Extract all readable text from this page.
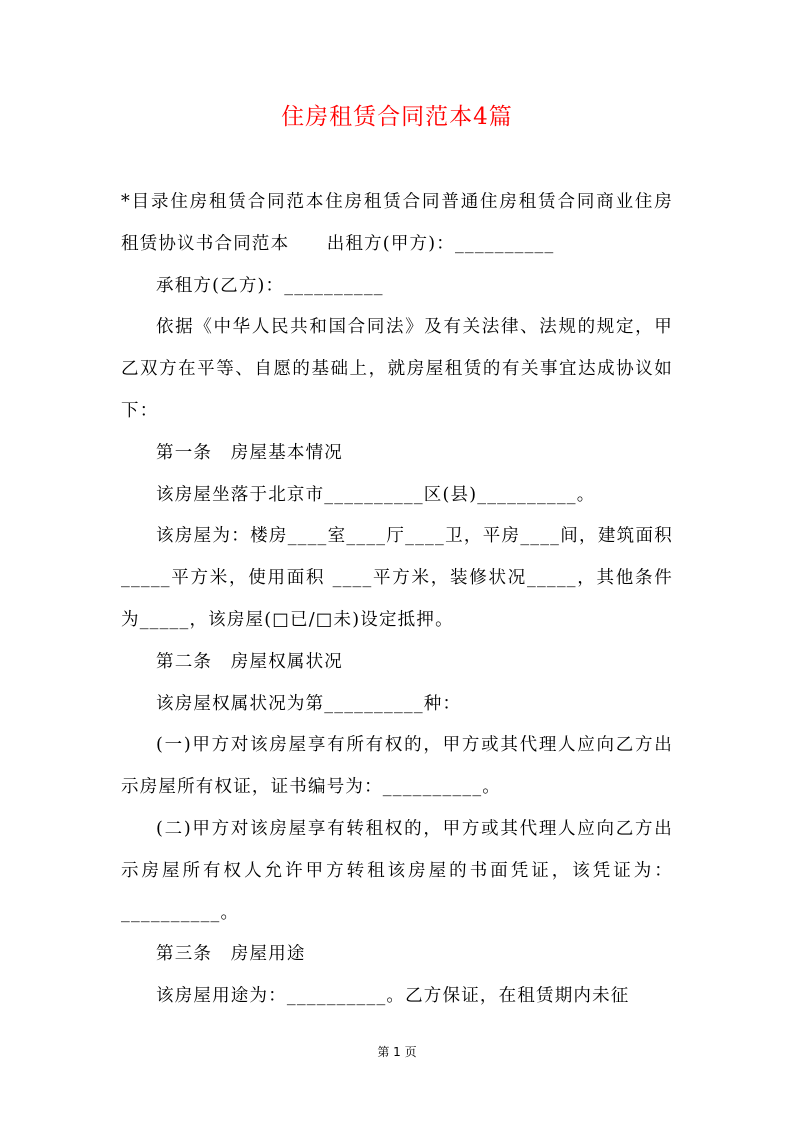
住房租赁合同范本4篇

*目录住房租赁合同范本住房租赁合同普通住房租赁合同商业住房租赁协议书合同范本　　出租方(甲方)：__________

承租方(乙方)：__________

依据《中华人民共和国合同法》及有关法律、法规的规定，甲乙双方在平等、自愿的基础上，就房屋租赁的有关事宜达成协议如下：

第一条　房屋基本情况

该房屋坐落于北京市__________区(县)__________。

该房屋为：楼房____室____厅____卫，平房____间，建筑面积_____平方米，使用面积 ____平方米，装修状况_____，其他条件为_____，该房屋(□已/□未)设定抵押。

第二条　房屋权属状况

该房屋权属状况为第__________种：

(一)甲方对该房屋享有所有权的，甲方或其代理人应向乙方出示房屋所有权证，证书编号为：__________。

(二)甲方对该房屋享有转租权的，甲方或其代理人应向乙方出示房屋所有权人允许甲方转租该房屋的书面凭证，该凭证为：__________。

第三条　房屋用途

该房屋用途为：__________。乙方保证，在租赁期内未征

第 1 页
